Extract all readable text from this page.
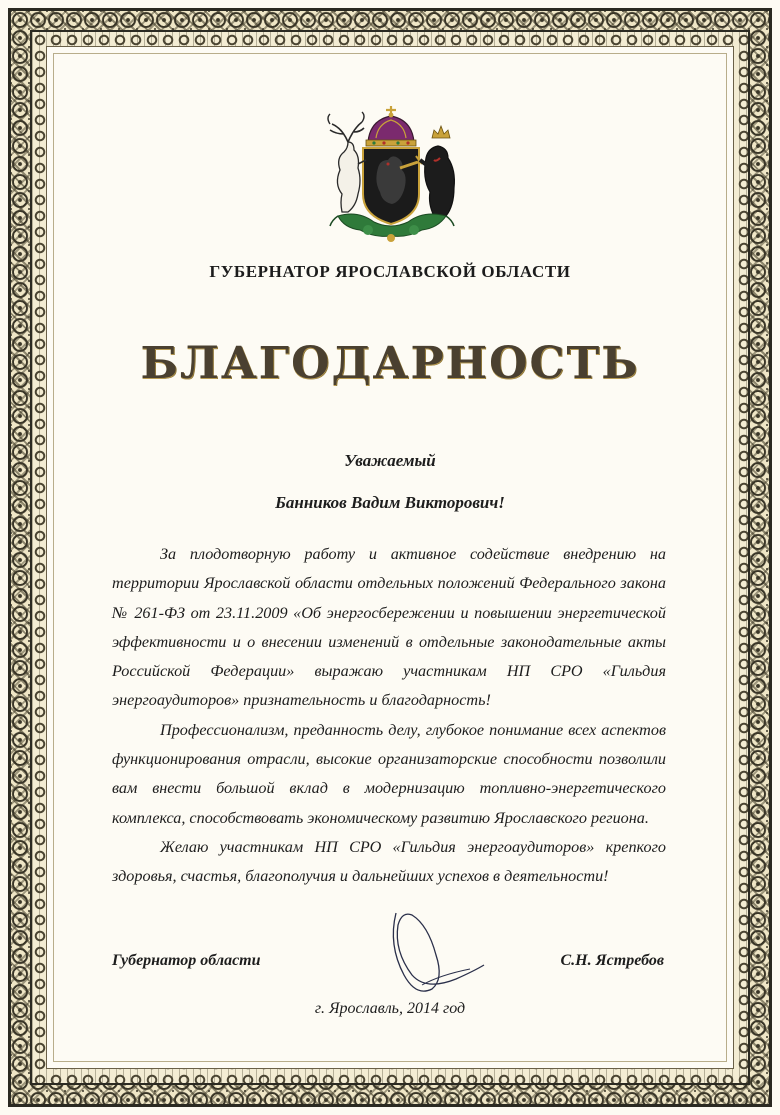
ГУБЕРНАТОР ЯРОСЛАВСКОЙ ОБЛАСТИ

БЛАГОДАРНОСТЬ

Уважаемый

Банников Вадим Викторович!

За плодотворную работу и активное содействие внедрению на территории Ярославской области отдельных положений Федерального закона № 261-ФЗ от 23.11.2009 «Об энергосбережении и повышении энергетической эффективности и о внесении изменений в отдельные законодательные акты Российской Федерации» выражаю участникам НП СРО «Гильдия энергоаудиторов» признательность и благодарность!

Профессионализм, преданность делу, глубокое понимание всех аспектов функционирования отрасли, высокие организаторские способности позволили вам внести большой вклад в модернизацию топливно-энергетического комплекса, способствовать экономическому развитию Ярославского региона.

Желаю участникам НП СРО «Гильдия энергоаудиторов» крепкого здоровья, счастья, благополучия и дальнейших успехов в деятельности!

Губернатор области	С.Н. Ястребов

г. Ярославль, 2014 год
